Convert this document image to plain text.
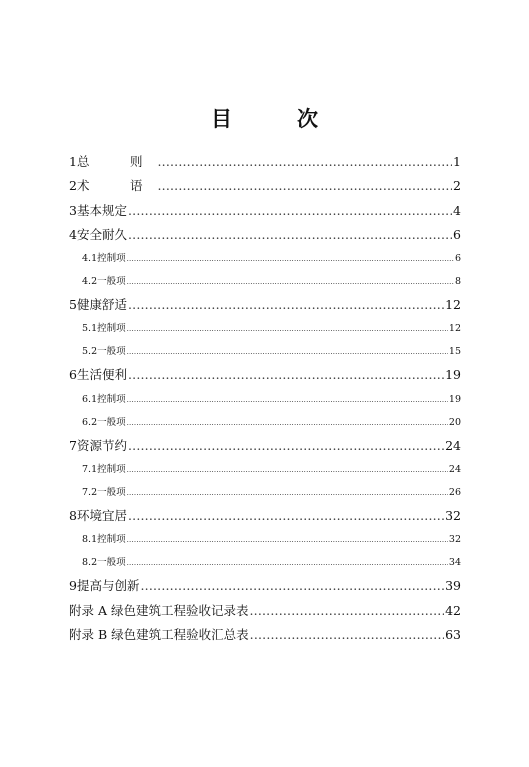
目　次
1 总　则 .....	1
2 术　语 .....	2
3 基本规定 .....	4
4 安全耐久 .....	6
4.1 控制项 .....	6
4.2 一般项 .....	8
5 健康舒适 .....	12
5.1 控制项 .....	12
5.2 一般项 .....	15
6 生活便利 .....	19
6.1 控制项 .....	19
6.2 一般项 .....	20
7 资源节约 .....	24
7.1 控制项 .....	24
7.2 一般项 .....	26
8 环境宜居 .....	32
8.1 控制项 .....	32
8.2 一般项 .....	34
9 提高与创新 .....	39
附录 A 绿色建筑工程验收记录表 .....	42
附录 B 绿色建筑工程验收汇总表 .....	63
